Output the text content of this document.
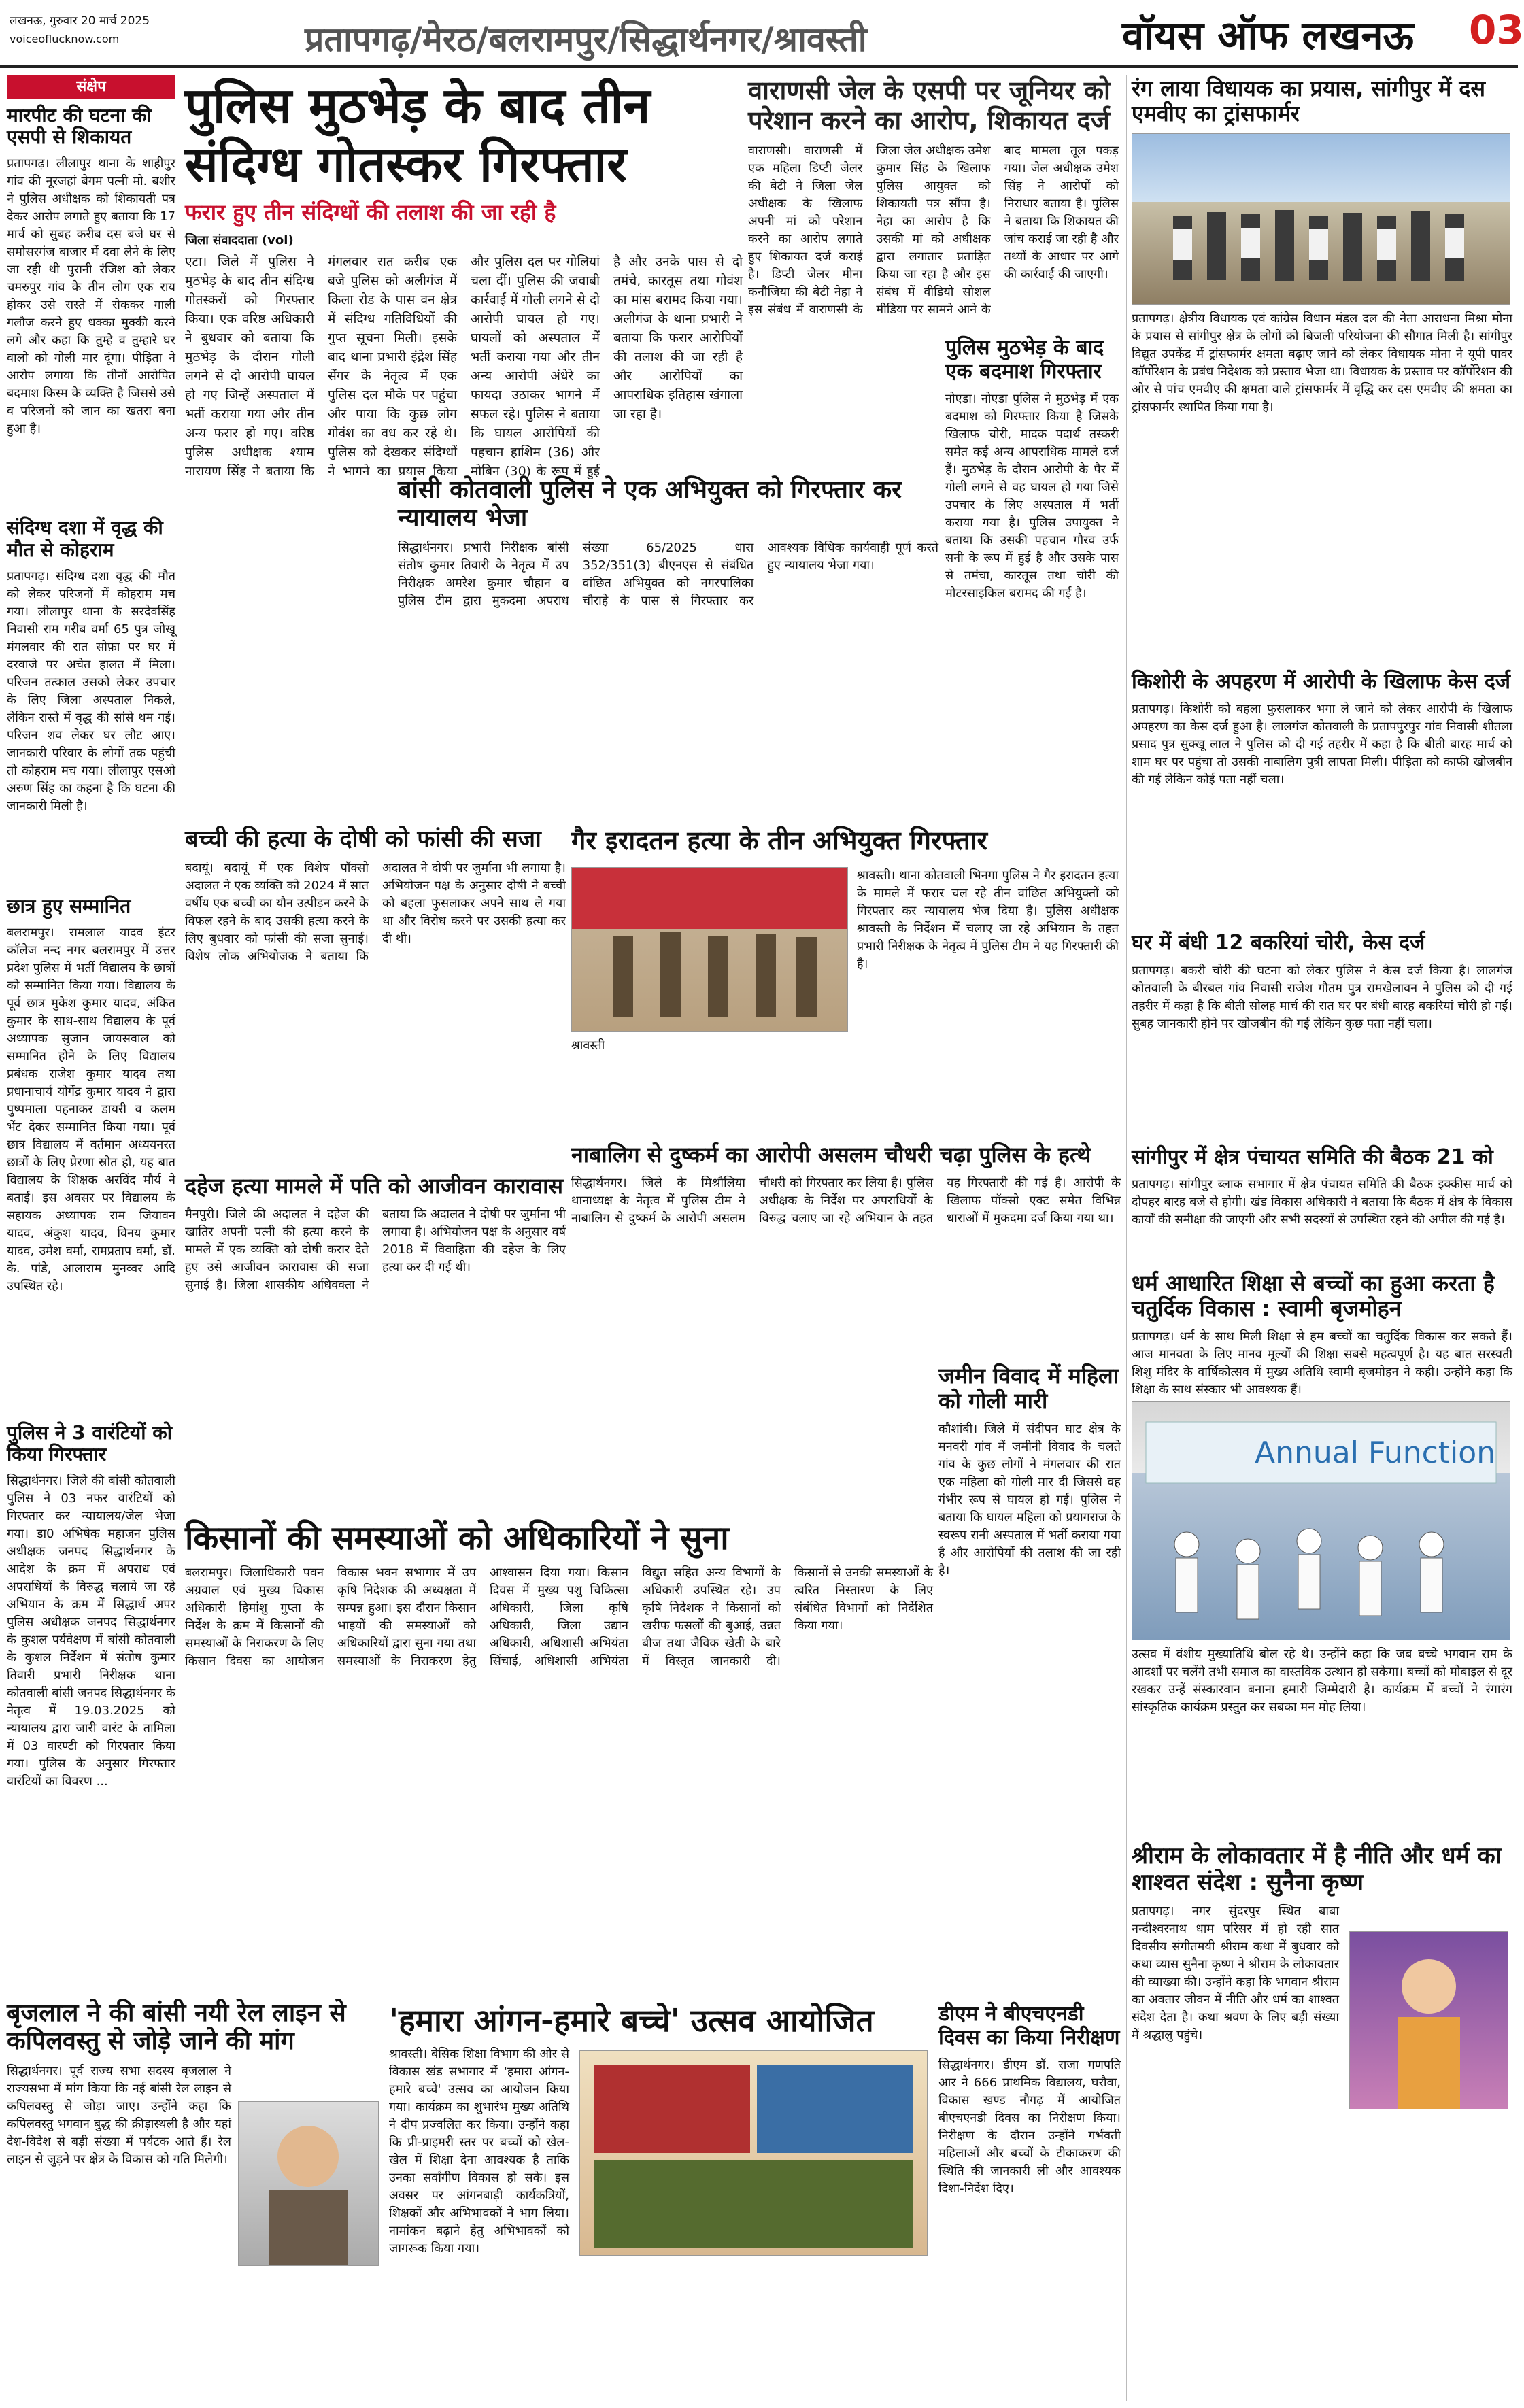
लखनऊ, गुरुवार 20 मार्च 2025
voiceoflucknow.com	प्रतापगढ़/मेरठ/बलरामपुर/सिद्धार्थनगर/श्रावस्ती	वॉयस ऑफ लखनऊ 03
संक्षेप
मारपीट की घटना की एसपी से शिकायत
प्रतापगढ़। लीलापुर थाना के शाहीपुर गांव की नूरजहां बेगम पत्नी मो. बशीर ने पुलिस अधीक्षक को शिकायती पत्र देकर आरोप लगाते हुए बताया कि 17 मार्च को सुबह करीब दस बजे घर से समोसरगंज बाजार में दवा लेने के लिए जा रही थी पुरानी रंजिश को लेकर चमरुपुर गांव के तीन लोग एक राय होकर उसे रास्ते में रोककर गाली गलौज करने हुए धक्का मुक्की करने लगे और कहा कि तुम्हे व तुम्हारे घर वालो को गोली मार दूंगा। पीड़िता ने आरोप लगाया कि तीनों आरोपित बदमाश किस्म के व्यक्ति है जिससे उसे व परिजनों को जान का खतरा बना हुआ है।
संदिग्ध दशा में वृद्ध की मौत से कोहराम
प्रतापगढ़। संदिग्ध दशा वृद्ध की मौत को लेकर परिजनों में कोहराम मच गया। लीलापुर थाना के सरदेवसिंह निवासी राम गरीब वर्मा 65 पुत्र जोखू मंगलवार की रात सोफ़ा पर घर में दरवाजे पर अचेत हालत में मिला। परिजन तत्काल उसको लेकर उपचार के लिए जिला अस्पताल निकले, लेकिन रास्ते में वृद्ध की सांसे थम गई। परिजन शव लेकर घर लौट आए। जानकारी परिवार के लोगों तक पहुंची तो कोहराम मच गया। लीलापुर एसओ अरुण सिंह का कहना है कि घटना की जानकारी मिली है।
छात्र हुए सम्मानित
बलरामपुर। रामलाल यादव इंटर कॉलेज नन्द नगर बलरामपुर में उत्तर प्रदेश पुलिस में भर्ती विद्यालय के छात्रों को सम्मानित किया गया। विद्यालय के पूर्व छात्र मुकेश कुमार यादव, अंकित कुमार के साथ-साथ विद्यालय के पूर्व अध्यापक सुजान जायसवाल को सम्मानित होने के लिए विद्यालय प्रबंधक राजेश कुमार यादव तथा प्रधानाचार्य योगेंद्र कुमार यादव ने द्वारा पुष्पमाला पहनाकर डायरी व कलम भेंट देकर सम्मानित किया गया। पूर्व छात्र विद्यालय में वर्तमान अध्ययनरत छात्रों के लिए प्रेरणा स्रोत हो, यह बात विद्यालय के शिक्षक अरविंद मौर्य ने बताई। इस अवसर पर विद्यालय के सहायक अध्यापक राम जियावन यादव, अंकुश यादव, विनय कुमार यादव, उमेश वर्मा, रामप्रताप वर्मा, डॉ. के. पांडे, आलाराम मुनव्वर आदि उपस्थित रहे।
पुलिस ने 3 वारंटियों को किया गिरफ्तार
सिद्धार्थनगर। जिले की बांसी कोतवाली पुलिस ने 03 नफर वारंटियों को गिरफ्तार कर न्यायालय/जेल भेजा गया। डा0 अभिषेक महाजन पुलिस अधीक्षक जनपद सिद्धार्थनगर के आदेश के क्रम में अपराध एवं अपराधियों के विरुद्ध चलाये जा रहे अभियान के क्रम में सिद्धार्थ अपर पुलिस अधीक्षक जनपद सिद्धार्थनगर के कुशल पर्यवेक्षण में बांसी कोतवाली के कुशल निर्देशन में संतोष कुमार तिवारी प्रभारी निरीक्षक थाना कोतवाली बांसी जनपद सिद्धार्थनगर के नेतृत्व में 19.03.2025 को न्यायालय द्वारा जारी वारंट के तामिला में 03 वारण्टी को गिरफ्तार किया गया। पुलिस के अनुसार गिरफ्तार वारंटियों का विवरण ...
पुलिस मुठभेड़ के बाद तीन संदिग्ध गोतस्कर गिरफ्तार
फरार हुए तीन संदिग्धों की तलाश की जा रही है
जिला संवाददाता (vol)
एटा। जिले में पुलिस ने मुठभेड़ के बाद तीन संदिग्ध गोतस्करों को गिरफ्तार किया। एक वरिष्ठ अधिकारी ने बुधवार को बताया कि मुठभेड़ के दौरान गोली लगने से दो आरोपी घायल हो गए जिन्हें अस्पताल में भर्ती कराया गया और तीन अन्य फरार हो गए। वरिष्ठ पुलिस अधीक्षक श्याम नारायण सिंह ने बताया कि मंगलवार रात करीब एक बजे पुलिस को अलीगंज में किला रोड के पास वन क्षेत्र में संदिग्ध गतिविधियों की गुप्त सूचना मिली। इसके बाद थाना प्रभारी इंद्रेश सिंह सेंगर के नेतृत्व में एक पुलिस दल मौके पर पहुंचा और पाया कि कुछ लोग गोवंश का वध कर रहे थे। पुलिस को देखकर संदिग्धों ने भागने का प्रयास किया और पुलिस दल पर गोलियां चला दीं। पुलिस की जवाबी कार्रवाई में गोली लगने से दो आरोपी घायल हो गए। घायलों को अस्पताल में भर्ती कराया गया और तीन अन्य आरोपी अंधेरे का फायदा उठाकर भागने में सफल रहे। पुलिस ने बताया कि घायल आरोपियों की पहचान हाशिम (36) और मोबिन (30) के रूप में हुई है और उनके पास से दो तमंचे, कारतूस तथा गोवंश का मांस बरामद किया गया। अलीगंज के थाना प्रभारी ने बताया कि फरार आरोपियों की तलाश की जा रही है और आरोपियों का आपराधिक इतिहास खंगाला जा रहा है।
वाराणसी जेल के एसपी पर जूनियर को परेशान करने का आरोप, शिकायत दर्ज
वाराणसी। वाराणसी में एक महिला डिप्टी जेलर की बेटी ने जिला जेल अधीक्षक के खिलाफ अपनी मां को परेशान करने का आरोप लगाते हुए शिकायत दर्ज कराई है। डिप्टी जेलर मीना कनौजिया की बेटी नेहा ने इस संबंध में वाराणसी के जिला जेल अधीक्षक उमेश कुमार सिंह के खिलाफ पुलिस आयुक्त को शिकायती पत्र सौंपा है। नेहा का आरोप है कि उसकी मां को अधीक्षक द्वारा लगातार प्रताड़ित किया जा रहा है और इस संबंध में वीडियो सोशल मीडिया पर सामने आने के बाद मामला तूल पकड़ गया। जेल अधीक्षक उमेश सिंह ने आरोपों को निराधार बताया है। पुलिस ने बताया कि शिकायत की जांच कराई जा रही है और तथ्यों के आधार पर आगे की कार्रवाई की जाएगी।
पुलिस मुठभेड़ के बाद एक बदमाश गिरफ्तार
नोएडा। नोएडा पुलिस ने मुठभेड़ में एक बदमाश को गिरफ्तार किया है जिसके खिलाफ चोरी, मादक पदार्थ तस्करी समेत कई अन्य आपराधिक मामले दर्ज हैं। मुठभेड़ के दौरान आरोपी के पैर में गोली लगने से वह घायल हो गया जिसे उपचार के लिए अस्पताल में भर्ती कराया गया है। पुलिस उपायुक्त ने बताया कि उसकी पहचान गौरव उर्फ सनी के रूप में हुई है और उसके पास से तमंचा, कारतूस तथा चोरी की मोटरसाइकिल बरामद की गई है।
बांसी कोतवाली पुलिस ने एक अभियुक्त को गिरफ्तार कर न्यायालय भेजा
सिद्धार्थनगर। प्रभारी निरीक्षक बांसी संतोष कुमार तिवारी के नेतृत्व में उप निरीक्षक अमरेश कुमार चौहान व पुलिस टीम द्वारा मुकदमा अपराध संख्या 65/2025 धारा 352/351(3) बीएनएस से संबंधित वांछित अभियुक्त को नगरपालिका चौराहे के पास से गिरफ्तार कर आवश्यक विधिक कार्यवाही पूर्ण करते हुए न्यायालय भेजा गया।
रंग लाया विधायक का प्रयास, सांगीपुर में दस एमवीए का ट्रांसफार्मर
प्रतापगढ़। क्षेत्रीय विधायक एवं कांग्रेस विधान मंडल दल की नेता आराधना मिश्रा मोना के प्रयास से सांगीपुर क्षेत्र के लोगों को बिजली परियोजना की सौगात मिली है। सांगीपुर विद्युत उपकेंद्र में ट्रांसफार्मर क्षमता बढ़ाए जाने को लेकर विधायक मोना ने यूपी पावर कॉर्पोरेशन के प्रबंध निदेशक को प्रस्ताव भेजा था। विधायक के प्रस्ताव पर कॉर्पोरेशन की ओर से पांच एमवीए की क्षमता वाले ट्रांसफार्मर में वृद्धि कर दस एमवीए की क्षमता का ट्रांसफार्मर स्थापित किया गया है।
किशोरी के अपहरण में आरोपी के खिलाफ केस दर्ज
प्रतापगढ़। किशोरी को बहला फुसलाकर भगा ले जाने को लेकर आरोपी के खिलाफ अपहरण का केस दर्ज हुआ है। लालगंज कोतवाली के प्रतापपुरपुर गांव निवासी शीतला प्रसाद पुत्र सुक्खू लाल ने पुलिस को दी गई तहरीर में कहा है कि बीती बारह मार्च को शाम घर पर पहुंचा तो उसकी नाबालिग पुत्री लापता मिली। पीड़िता को काफी खोजबीन की गई लेकिन कोई पता नहीं चला।
घर में बंधी 12 बकरियां चोरी, केस दर्ज
प्रतापगढ़। बकरी चोरी की घटना को लेकर पुलिस ने केस दर्ज किया है। लालगंज कोतवाली के बीरबल गांव निवासी राजेश गौतम पुत्र रामखेलावन ने पुलिस को दी गई तहरीर में कहा है कि बीती सोलह मार्च की रात घर पर बंधी बारह बकरियां चोरी हो गईं। सुबह जानकारी होने पर खोजबीन की गई लेकिन कुछ पता नहीं चला।
सांगीपुर में क्षेत्र पंचायत समिति की बैठक 21 को
प्रतापगढ़। सांगीपुर ब्लाक सभागार में क्षेत्र पंचायत समिति की बैठक इक्कीस मार्च को दोपहर बारह बजे से होगी। खंड विकास अधिकारी ने बताया कि बैठक में क्षेत्र के विकास कार्यों की समीक्षा की जाएगी और सभी सदस्यों से उपस्थित रहने की अपील की गई है।
धर्म आधारित शिक्षा से बच्चों का हुआ करता है चतुर्दिक विकास : स्वामी बृजमोहन
प्रतापगढ़। धर्म के साथ मिली शिक्षा से हम बच्चों का चतुर्दिक विकास कर सकते हैं। आज मानवता के लिए मानव मूल्यों की शिक्षा सबसे महत्वपूर्ण है। यह बात सरस्वती शिशु मंदिर के वार्षिकोत्सव में मुख्य अतिथि स्वामी बृजमोहन ने कही। उन्होंने कहा कि शिक्षा के साथ संस्कार भी आवश्यक हैं।
Annual Function
बच्ची की हत्या के दोषी को फांसी की सजा
बदायूं। बदायूं में एक विशेष पॉक्सो अदालत ने एक व्यक्ति को 2024 में सात वर्षीय एक बच्ची का यौन उत्पीड़न करने के विफल रहने के बाद उसकी हत्या करने के लिए बुधवार को फांसी की सजा सुनाई। विशेष लोक अभियोजक ने बताया कि अदालत ने दोषी पर जुर्माना भी लगाया है। अभियोजन पक्ष के अनुसार दोषी ने बच्ची को बहला फुसलाकर अपने साथ ले गया था और विरोध करने पर उसकी हत्या कर दी थी।
दहेज हत्या मामले में पति को आजीवन कारावास
मैनपुरी। जिले की अदालत ने दहेज की खातिर अपनी पत्नी की हत्या करने के मामले में एक व्यक्ति को दोषी करार देते हुए उसे आजीवन कारावास की सजा सुनाई है। जिला शासकीय अधिवक्ता ने बताया कि अदालत ने दोषी पर जुर्माना भी लगाया है। अभियोजन पक्ष के अनुसार वर्ष 2018 में विवाहिता की दहेज के लिए हत्या कर दी गई थी।
गैर इरादतन हत्या के तीन अभियुक्त गिरफ्तार
श्रावस्ती। थाना कोतवाली भिनगा पुलिस ने गैर इरादतन हत्या के मामले में फरार चल रहे तीन वांछित अभियुक्तों को गिरफ्तार कर न्यायालय भेज दिया है। पुलिस अधीक्षक श्रावस्ती के निर्देशन में चलाए जा रहे अभियान के तहत प्रभारी निरीक्षक के नेतृत्व में पुलिस टीम ने यह गिरफ्तारी की है।
श्रावस्ती
नाबालिग से दुष्कर्म का आरोपी असलम चौधरी चढ़ा पुलिस के हत्थे
सिद्धार्थनगर। जिले के मिश्रौलिया थानाध्यक्ष के नेतृत्व में पुलिस टीम ने नाबालिग से दुष्कर्म के आरोपी असलम चौधरी को गिरफ्तार कर लिया है। पुलिस अधीक्षक के निर्देश पर अपराधियों के विरुद्ध चलाए जा रहे अभियान के तहत यह गिरफ्तारी की गई है। आरोपी के खिलाफ पॉक्सो एक्ट समेत विभिन्न धाराओं में मुकदमा दर्ज किया गया था।
किसानों की समस्याओं को अधिकारियों ने सुना
बलरामपुर। जिलाधिकारी पवन अग्रवाल एवं मुख्य विकास अधिकारी हिमांशु गुप्ता के निर्देश के क्रम में किसानों की समस्याओं के निराकरण के लिए किसान दिवस का आयोजन विकास भवन सभागार में उप कृषि निदेशक की अध्यक्षता में सम्पन्न हुआ। इस दौरान किसान भाइयों की समस्याओं को अधिकारियों द्वारा सुना गया तथा समस्याओं के निराकरण हेतु आश्वासन दिया गया। किसान दिवस में मुख्य पशु चिकित्सा अधिकारी, जिला कृषि अधिकारी, जिला उद्यान अधिकारी, अधिशासी अभियंता सिंचाई, अधिशासी अभियंता विद्युत सहित अन्य विभागों के अधिकारी उपस्थित रहे। उप कृषि निदेशक ने किसानों को खरीफ फसलों की बुआई, उन्नत बीज तथा जैविक खेती के बारे में विस्तृत जानकारी दी। किसानों से उनकी समस्याओं के त्वरित निस्तारण के लिए संबंधित विभागों को निर्देशित किया गया।
जमीन विवाद में महिला को गोली मारी
कौशांबी। जिले में संदीपन घाट क्षेत्र के मनवरी गांव में जमीनी विवाद के चलते गांव के कुछ लोगों ने मंगलवार की रात एक महिला को गोली मार दी जिससे वह गंभीर रूप से घायल हो गई। पुलिस ने बताया कि घायल महिला को प्रयागराज के स्वरूप रानी अस्पताल में भर्ती कराया गया है और आरोपियों की तलाश की जा रही है।
उत्सव में वंशीय मुख्यातिथि बोल रहे थे। उन्होंने कहा कि जब बच्चे भगवान राम के आदर्शों पर चलेंगे तभी समाज का वास्तविक उत्थान हो सकेगा। बच्चों को मोबाइल से दूर रखकर उन्हें संस्कारवान बनाना हमारी जिम्मेदारी है। कार्यक्रम में बच्चों ने रंगारंग सांस्कृतिक कार्यक्रम प्रस्तुत कर सबका मन मोह लिया।
श्रीराम के लोकावतार में है नीति और धर्म का शाश्वत संदेश : सुनैना कृष्ण
प्रतापगढ़। नगर सुंदरपुर स्थित बाबा नन्दीश्वरनाथ धाम परिसर में हो रही सात दिवसीय संगीतमयी श्रीराम कथा में बुधवार को कथा व्यास सुनैना कृष्ण ने श्रीराम के लोकावतार की व्याख्या की। उन्होंने कहा कि भगवान श्रीराम का अवतार जीवन में नीति और धर्म का शाश्वत संदेश देता है। कथा श्रवण के लिए बड़ी संख्या में श्रद्धालु पहुंचे।
बृजलाल ने की बांसी नयी रेल लाइन से कपिलवस्तु से जोड़े जाने की मांग
सिद्धार्थनगर। पूर्व राज्य सभा सदस्य बृजलाल ने राज्यसभा में मांग किया कि नई बांसी रेल लाइन से कपिलवस्तु से जोड़ा जाए। उन्होंने कहा कि कपिलवस्तु भगवान बुद्ध की क्रीड़ास्थली है और यहां देश-विदेश से बड़ी संख्या में पर्यटक आते हैं। रेल लाइन से जुड़ने पर क्षेत्र के विकास को गति मिलेगी।
'हमारा आंगन-हमारे बच्चे' उत्सव आयोजित
श्रावस्ती। बेसिक शिक्षा विभाग की ओर से विकास खंड सभागार में 'हमारा आंगन-हमारे बच्चे' उत्सव का आयोजन किया गया। कार्यक्रम का शुभारंभ मुख्य अतिथि ने दीप प्रज्वलित कर किया। उन्होंने कहा कि प्री-प्राइमरी स्तर पर बच्चों को खेल-खेल में शिक्षा देना आवश्यक है ताकि उनका सर्वांगीण विकास हो सके। इस अवसर पर आंगनबाड़ी कार्यकत्रियों, शिक्षकों और अभिभावकों ने भाग लिया। नामांकन बढ़ाने हेतु अभिभावकों को जागरूक किया गया।
डीएम ने बीएचएनडी दिवस का किया निरीक्षण
सिद्धार्थनगर। डीएम डॉ. राजा गणपति आर ने 666 प्राथमिक विद्यालय, घरौवा, विकास खण्ड नौगढ़ में आयोजित बीएचएनडी दिवस का निरीक्षण किया। निरीक्षण के दौरान उन्होंने गर्भवती महिलाओं और बच्चों के टीकाकरण की स्थिति की जानकारी ली और आवश्यक दिशा-निर्देश दिए।
